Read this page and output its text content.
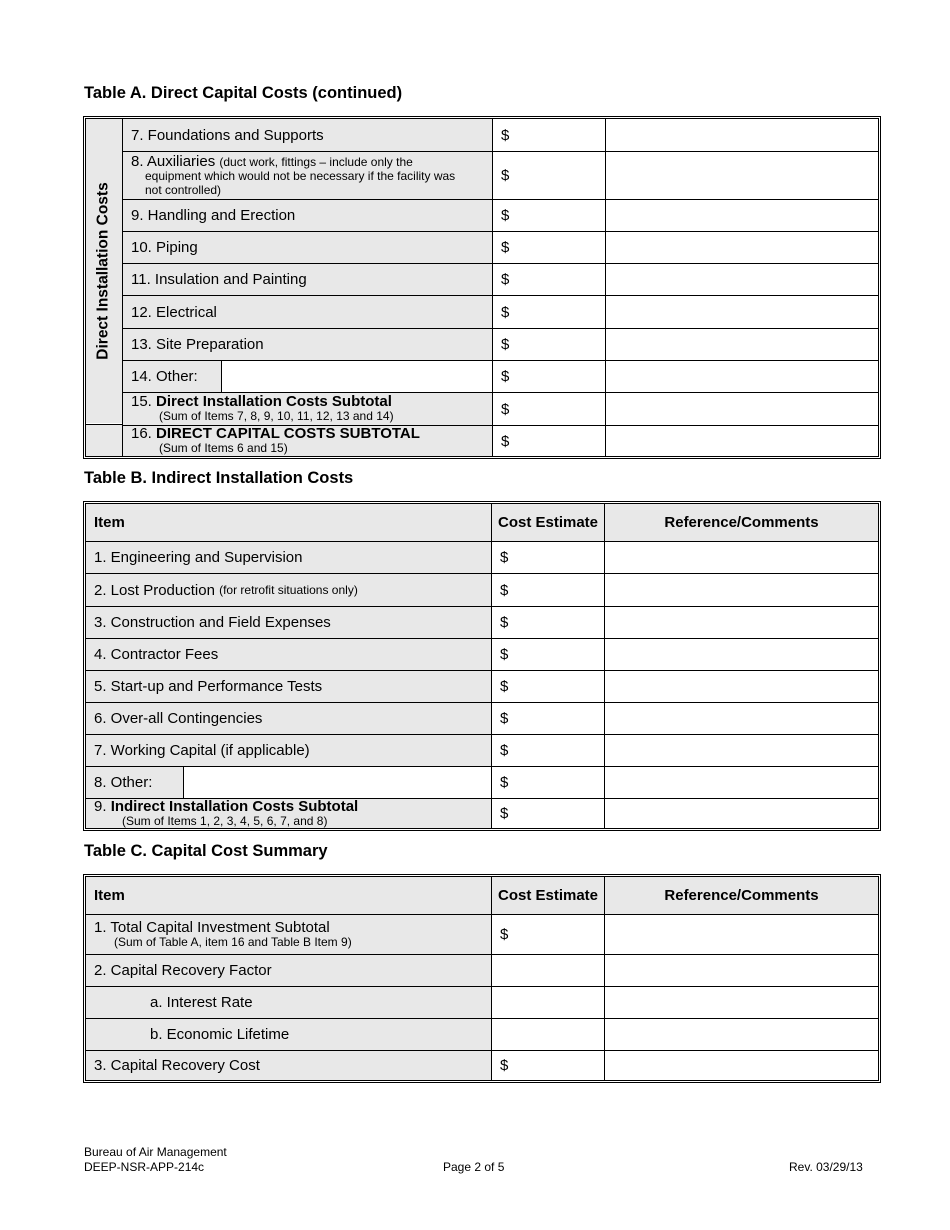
Table A. Direct Capital Costs (continued)
Direct Installation Costs
7. Foundations and Supports	$
8. Auxiliaries (duct work, fittings – include only the
equipment which would not be necessary if the facility was
not controlled)
$
9. Handling and Erection	$
10. Piping	$
11. Insulation and Painting	$
12. Electrical	$
13. Site Preparation	$
14. Other:	$
15. Direct Installation Costs Subtotal
(Sum of Items 7, 8, 9, 10, 11, 12, 13 and 14)	$
16. DIRECT CAPITAL COSTS SUBTOTAL
(Sum of Items 6 and 15)	$
Table B. Indirect Installation Costs
Item	Cost Estimate	Reference/Comments
1. Engineering and Supervision	$
2. Lost Production
(for retrofit situations only)	$
3. Construction and Field Expenses	$
4. Contractor Fees	$
5. Start-up and Performance Tests	$
6. Over-all Contingencies	$
7. Working Capital (if applicable)	$
8. Other:	$
9. Indirect Installation Costs Subtotal
(Sum of Items 1, 2, 3, 4, 5, 6, 7, and 8)	$
Table C. Capital Cost Summary
Item	Cost Estimate	Reference/Comments
1. Total Capital Investment Subtotal
(Sum of Table A, item 16 and Table B Item 9)	$
2. Capital Recovery Factor
a. Interest Rate
b. Economic Lifetime
3. Capital Recovery Cost	$
Bureau of Air Management
DEEP-NSR-APP-214c	Page 2 of 5	Rev. 03/29/13
